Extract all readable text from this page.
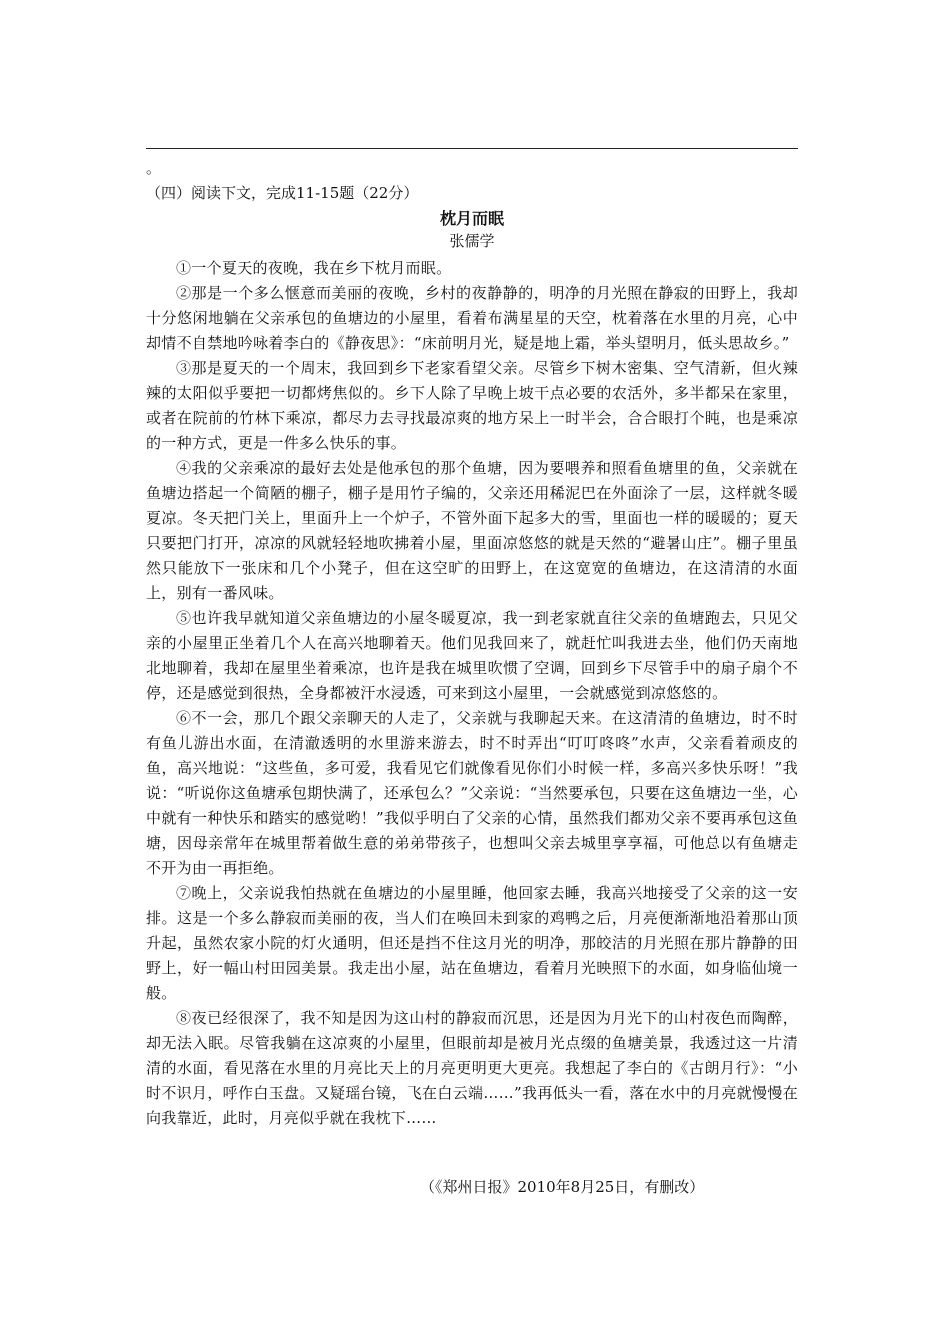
。
（四）阅读下文，完成11-15题（22分）
枕月而眠
张儒学

①一个夏天的夜晚，我在乡下枕月而眠。

②那是一个多么惬意而美丽的夜晚，乡村的夜静静的，明净的月光照在静寂的田野上，我却十分悠闲地躺在父亲承包的鱼塘边的小屋里，看着布满星星的天空，枕着落在水里的月亮，心中却情不自禁地吟咏着李白的《静夜思》：“床前明月光，疑是地上霜，举头望明月，低头思故乡。”

③那是夏天的一个周末，我回到乡下老家看望父亲。尽管乡下树木密集、空气清新，但火辣辣的太阳似乎要把一切都烤焦似的。乡下人除了早晚上坡干点必要的农活外，多半都呆在家里，或者在院前的竹林下乘凉，都尽力去寻找最凉爽的地方呆上一时半会，合合眼打个盹，也是乘凉的一种方式，更是一件多么快乐的事。

④我的父亲乘凉的最好去处是他承包的那个鱼塘，因为要喂养和照看鱼塘里的鱼，父亲就在鱼塘边搭起一个简陋的棚子，棚子是用竹子编的，父亲还用稀泥巴在外面涂了一层，这样就冬暖夏凉。冬天把门关上，里面升上一个炉子，不管外面下起多大的雪，里面也一样的暖暖的；夏天只要把门打开，凉凉的风就轻轻地吹拂着小屋，里面凉悠悠的就是天然的“避暑山庄”。棚子里虽然只能放下一张床和几个小凳子，但在这空旷的田野上，在这宽宽的鱼塘边，在这清清的水面上，别有一番风味。

⑤也许我早就知道父亲鱼塘边的小屋冬暖夏凉，我一到老家就直往父亲的鱼塘跑去，只见父亲的小屋里正坐着几个人在高兴地聊着天。他们见我回来了，就赶忙叫我进去坐，他们仍天南地北地聊着，我却在屋里坐着乘凉，也许是我在城里吹惯了空调，回到乡下尽管手中的扇子扇个不停，还是感觉到很热，全身都被汗水浸透，可来到这小屋里，一会就感觉到凉悠悠的。

⑥不一会，那几个跟父亲聊天的人走了，父亲就与我聊起天来。在这清清的鱼塘边，时不时有鱼儿游出水面，在清澈透明的水里游来游去，时不时弄出“叮叮咚咚”水声，父亲看着顽皮的鱼，高兴地说：“这些鱼，多可爱，我看见它们就像看见你们小时候一样，多高兴多快乐呀！”我说：“听说你这鱼塘承包期快满了，还承包么？”父亲说：“当然要承包，只要在这鱼塘边一坐，心中就有一种快乐和踏实的感觉哟！”我似乎明白了父亲的心情，虽然我们都劝父亲不要再承包这鱼塘，因母亲常年在城里帮着做生意的弟弟带孩子，也想叫父亲去城里享享福，可他总以有鱼塘走不开为由一再拒绝。

⑦晚上，父亲说我怕热就在鱼塘边的小屋里睡，他回家去睡，我高兴地接受了父亲的这一安排。这是一个多么静寂而美丽的夜，当人们在唤回未到家的鸡鸭之后，月亮便渐渐地沿着那山顶升起，虽然农家小院的灯火通明，但还是挡不住这月光的明净，那皎洁的月光照在那片静静的田野上，好一幅山村田园美景。我走出小屋，站在鱼塘边，看着月光映照下的水面，如身临仙境一般。

⑧夜已经很深了，我不知是因为这山村的静寂而沉思，还是因为月光下的山村夜色而陶醉，却无法入眠。尽管我躺在这凉爽的小屋里，但眼前却是被月光点缀的鱼塘美景，我透过这一片清清的水面，看见落在水里的月亮比天上的月亮更明更大更亮。我想起了李白的《古朗月行》：“小时不识月，呼作白玉盘。又疑瑶台镜，飞在白云端……”我再低头一看，落在水中的月亮就慢慢在向我靠近，此时，月亮似乎就在我枕下……

（《郑州日报》2010年8月25日，有删改）
